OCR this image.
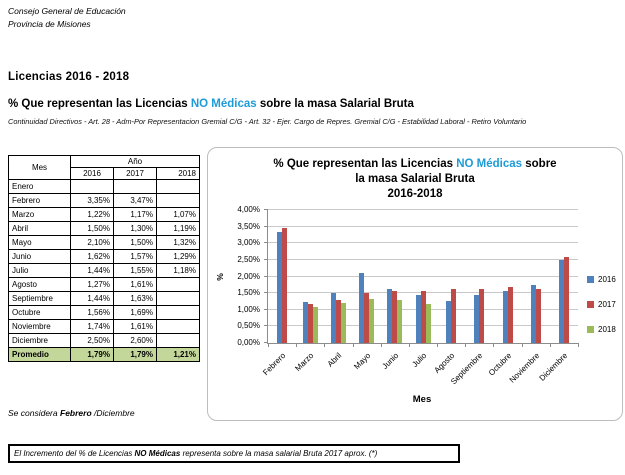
Consejo General de Educación
Provincia de Misiones
Licencias 2016 - 2018
% Que representan las Licencias NO Médicas sobre la masa Salarial Bruta
Continuidad Directivos - Art. 28 - Adm-Por Representacion Gremial C/G - Art. 32 - Ejer. Cargo de Repres. Gremial C/G - Estabilidad Laboral - Retiro Voluntario
Mes	Año		
	2016	2017	2018
Enero			
Febrero	3,35%	3,47%	
Marzo	1,22%	1,17%	1,07%
Abril	1,50%	1,30%	1,19%
Mayo	2,10%	1,50%	1,32%
Junio	1,62%	1,57%	1,29%
Julio	1,44%	1,55%	1,18%
Agosto	1,27%	1,61%	
Septiembre	1,44%	1,63%	
Octubre	1,56%	1,69%	
Noviembre	1,74%	1,61%	
Diciembre	2,50%	2,60%	
Promedio	1,79%	1,79%	1,21%
% Que representan las Licencias NO Médicas sobre
la masa Salarial Bruta
2016-2018
%
Mes
2016
2017
2018
0,00%
0,50%
1,00%
1,50%
2,00%
2,50%
3,00%
3,50%
4,00%
Febrero Marzo	Abril Mayo	Junio	Julio Agosto
Septiembre Octubre
Noviembre
Diciembre
Se considera Febrero /Diciembre
El Incremento del % de Licencias NO Médicas representa sobre la masa salarial Bruta 2017 aprox. (*)
